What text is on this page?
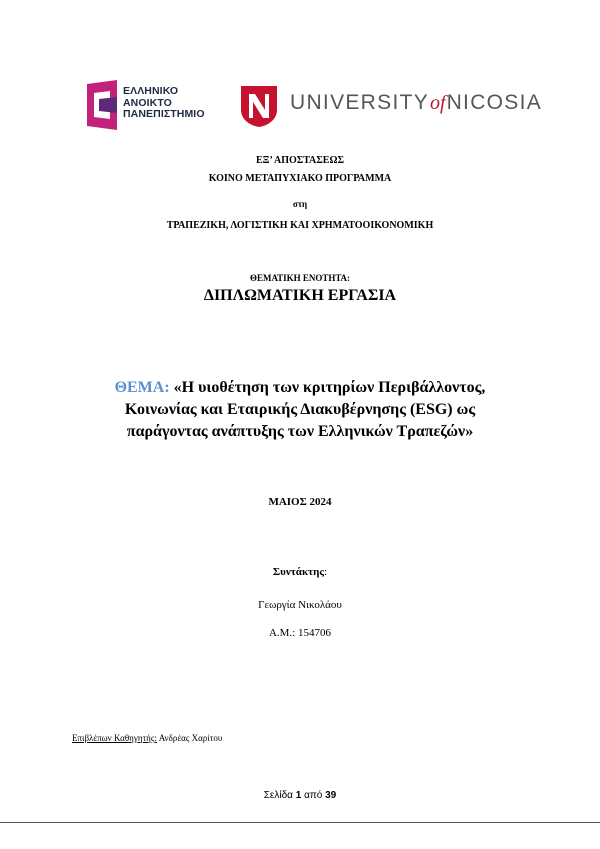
ΕΛΛΗΝΙΚΟ
ΑΝΟΙΚΤΟ
ΠΑΝΕΠΙΣΤΗΜΙΟ	UNIVERSITYofNICOSIA
ΕΞ’ ΑΠΟΣΤΑΣΕΩΣ
ΚΟΙΝΟ ΜΕΤΑΠΥΧΙΑΚΟ ΠΡΟΓΡΑΜΜΑ
στη
ΤΡΑΠΕΖΙΚΗ, ΛΟΓΙΣΤΙΚΗ ΚΑΙ ΧΡΗΜΑΤΟΟΙΚΟΝΟΜΙΚΗ
ΘΕΜΑΤΙΚΗ ΕΝΟΤΗΤΑ:
ΔΙΠΛΩΜΑΤΙΚΗ ΕΡΓΑΣΙΑ
ΘΕΜΑ: «Η υιοθέτηση των κριτηρίων Περιβάλλοντος,
Κοινωνίας και Εταιρικής Διακυβέρνησης (ESG) ως
παράγοντας ανάπτυξης των Ελληνικών Τραπεζών»
ΜΑΙΟΣ 2024
Συντάκτης:
Γεωργία Νικολάου
Α.Μ.: 154706
Επιβλέπων Καθηγητής: Ανδρέας Χαρίτου
Σελίδα 1 από 39
